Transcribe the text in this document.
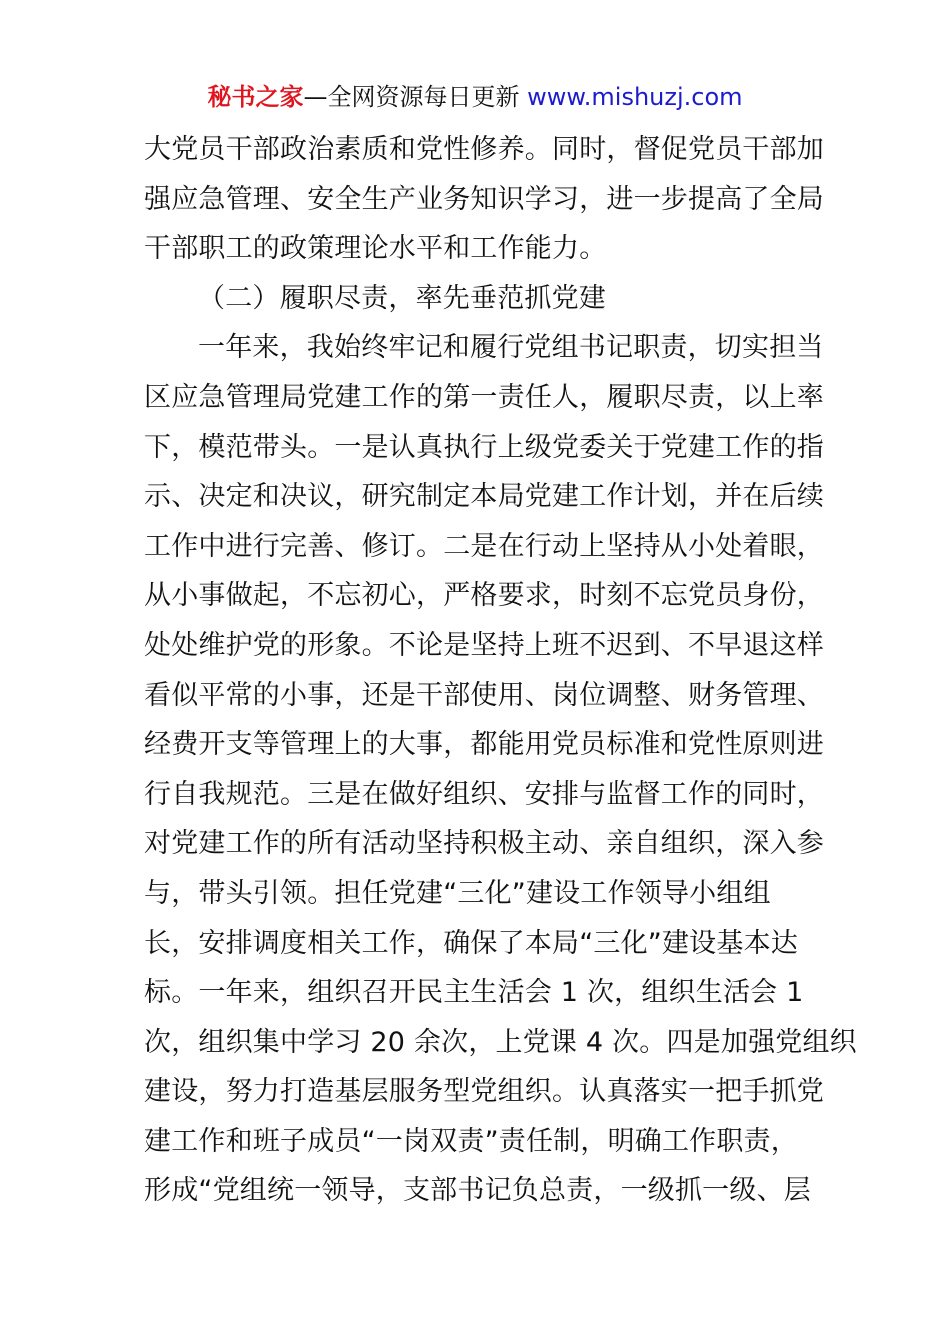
秘书之家—全网资源每日更新 www.mishuzj.com
大党员干部政治素质和党性修养。同时，督促党员干部加
强应急管理、安全生产业务知识学习，进一步提高了全局
干部职工的政策理论水平和工作能力。
（二）履职尽责，率先垂范抓党建
一年来，我始终牢记和履行党组书记职责，切实担当
区应急管理局党建工作的第一责任人，履职尽责，以上率
下，模范带头。一是认真执行上级党委关于党建工作的指
示、决定和决议，研究制定本局党建工作计划，并在后续
工作中进行完善、修订。二是在行动上坚持从小处着眼，
从小事做起，不忘初心，严格要求，时刻不忘党员身份，
处处维护党的形象。不论是坚持上班不迟到、不早退这样
看似平常的小事，还是干部使用、岗位调整、财务管理、
经费开支等管理上的大事，都能用党员标准和党性原则进
行自我规范。三是在做好组织、安排与监督工作的同时，
对党建工作的所有活动坚持积极主动、亲自组织，深入参
与，带头引领。担任党建“三化”建设工作领导小组组
长，安排调度相关工作，确保了本局“三化”建设基本达
标。一年来，组织召开民主生活会 1 次，组织生活会 1
次，组织集中学习 20 余次，上党课 4 次。四是加强党组织
建设，努力打造基层服务型党组织。认真落实一把手抓党
建工作和班子成员“一岗双责”责任制，明确工作职责，
形成“党组统一领导，支部书记负总责，一级抓一级、层
